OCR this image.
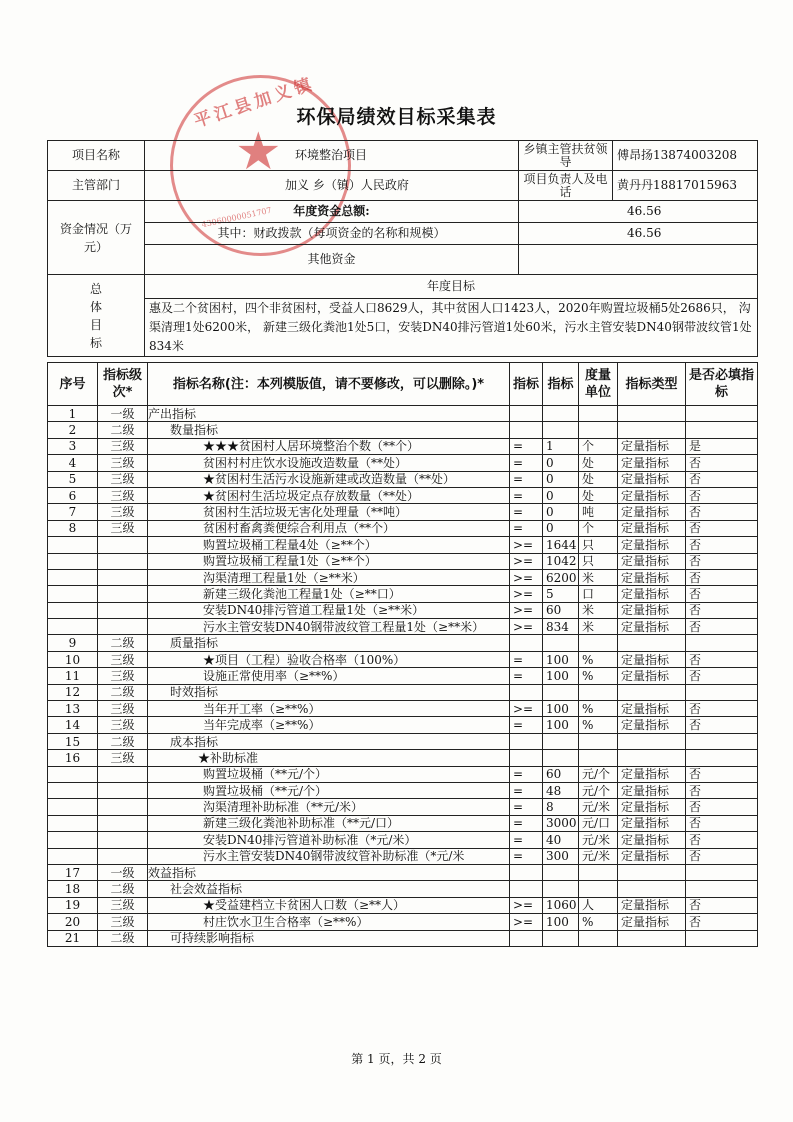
平江县加义镇
★
43060000051707
环保局绩效目标采集表
项目名称	环境整治项目	乡镇主管扶贫领导	傅昂扬13874003208
主管部门	加义 乡（镇）人民政府	项目负责人及电话	黄丹丹18817015963
资金情况（万元）	年度资金总额:	46.56	
	其中：财政拨款（每项资金的名称和规模）	46.56	
	其他资金		
总体目标	年度目标		
	惠及二个贫困村，四个非贫困村，受益人口8629人，其中贫困人口1423人，2020年购置垃圾桶5处2686只， 沟渠清理1处6200米， 新建三级化粪池1处5口，安装DN40排污管道1处60米，污水主管安装DN40钢带波纹管1处834米		
序号	指标级次*	指标名称(注：本列模版值，请不要修改，可以删除。)*	指标	指标	度量单位	指标类型	是否必填指标
1	一级	产出指标					
2	二级	数量指标					
3	三级	★★★贫困村人居环境整治个数（**个）	=	1	个	定量指标	是
4	三级	贫困村村庄饮水设施改造数量（**处）	=	0	处	定量指标	否
5	三级	★贫困村生活污水设施新建或改造数量（**处）	=	0	处	定量指标	否
6	三级	★贫困村生活垃圾定点存放数量（**处）	=	0	处	定量指标	否
7	三级	贫困村生活垃圾无害化处理量（**吨）	=	0	吨	定量指标	否
8	三级	贫困村畜禽粪便综合利用点（**个）	=	0	个	定量指标	否
		购置垃圾桶工程量4处（≥**个）	>=	1644	只	定量指标	否
		购置垃圾桶工程量1处（≥**个）	>=	1042	只	定量指标	否
		沟渠清理工程量1处（≥**米）	>=	6200	米	定量指标	否
		新建三级化粪池工程量1处（≥**口）	>=	5	口	定量指标	否
		安装DN40排污管道工程量1处（≥**米）	>=	60	米	定量指标	否
		污水主管安装DN40钢带波纹管工程量1处（≥**米）	>=	834	米	定量指标	否
9	二级	质量指标					
10	三级	★项目（工程）验收合格率（100%）	=	100	%	定量指标	否
11	三级	设施正常使用率（≥**%）	=	100	%	定量指标	否
12	二级	时效指标					
13	三级	当年开工率（≥**%）	>=	100	%	定量指标	否
14	三级	当年完成率（≥**%）	=	100	%	定量指标	否
15	二级	成本指标					
16	三级	★补助标准					
		购置垃圾桶（**元/个）	=	60	元/个	定量指标	否
		购置垃圾桶（**元/个）	=	48	元/个	定量指标	否
		沟渠清理补助标准（**元/米）	=	8	元/米	定量指标	否
		新建三级化粪池补助标准（**元/口）	=	3000	元/口	定量指标	否
		安装DN40排污管道补助标准（*元/米）	=	40	元/米	定量指标	否
		污水主管安装DN40钢带波纹管补助标准（*元/米	=	300	元/米	定量指标	否
17	一级	效益指标					
18	二级	社会效益指标					
19	三级	★受益建档立卡贫困人口数（≥**人）	>=	1060	人	定量指标	否
20	三级	村庄饮水卫生合格率（≥**%）	>=	100	%	定量指标	否
21	二级	可持续影响指标					
第 1 页，共 2 页
